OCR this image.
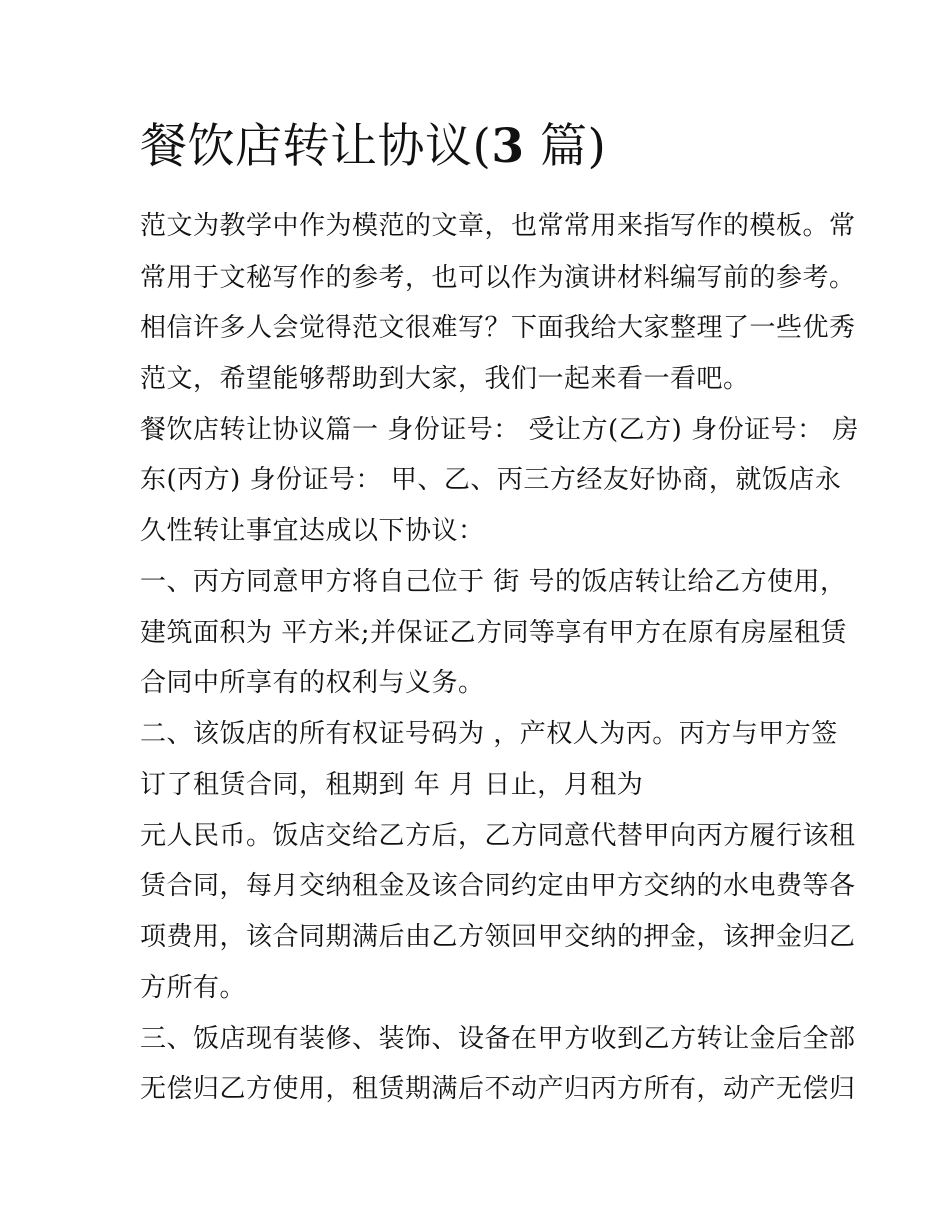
餐饮店转让协议(3 篇)

范文为教学中作为模范的文章，也常常用来指写作的模板。常

常用于文秘写作的参考，也可以作为演讲材料编写前的参考。

相信许多人会觉得范文很难写？下面我给大家整理了一些优秀

范文，希望能够帮助到大家，我们一起来看一看吧。

餐饮店转让协议篇一 身份证号： 受让方(乙方) 身份证号： 房

东(丙方) 身份证号： 甲、乙、丙三方经友好协商，就饭店永

久性转让事宜达成以下协议：

一、丙方同意甲方将自己位于 街 号的饭店转让给乙方使用，

建筑面积为 平方米;并保证乙方同等享有甲方在原有房屋租赁

合同中所享有的权利与义务。

二、该饭店的所有权证号码为 ，产权人为丙。丙方与甲方签

订了租赁合同，租期到 年 月 日止，月租为

元人民币。饭店交给乙方后，乙方同意代替甲向丙方履行该租

赁合同，每月交纳租金及该合同约定由甲方交纳的水电费等各

项费用，该合同期满后由乙方领回甲交纳的押金，该押金归乙

方所有。

三、饭店现有装修、装饰、设备在甲方收到乙方转让金后全部

无偿归乙方使用，租赁期满后不动产归丙方所有，动产无偿归
